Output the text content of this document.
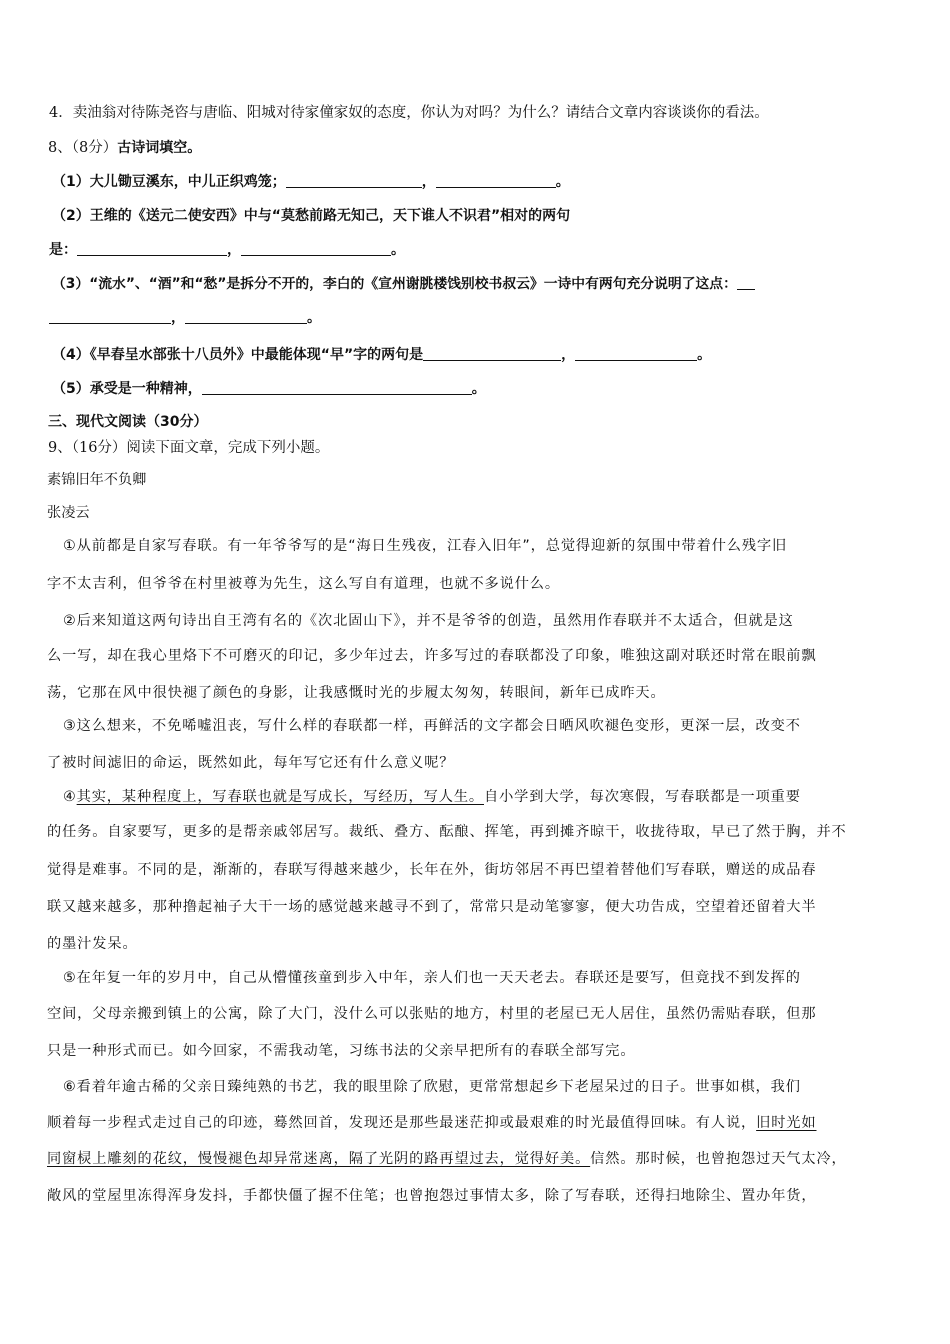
4．卖油翁对待陈尧咨与唐临、阳城对待家僮家奴的态度，你认为对吗？为什么？请结合文章内容谈谈你的看法。
8、（8分）古诗词填空。
（1）大儿锄豆溪东，中儿正织鸡笼；	，	。
（2）王维的《送元二使安西》中与“莫愁前路无知己，天下谁人不识君”相对的两句
是：	，	。
（3）“流水”、“酒”和“愁”是拆分不开的，李白的《宣州谢朓楼饯别校书叔云》一诗中有两句充分说明了这点：
，	。
（4）《早春呈水部张十八员外》中最能体现“早”字的两句是	，	。
（5）承受是一种精神，	。
三、现代文阅读（30分）
9、（16分）阅读下面文章，完成下列小题。
素锦旧年不负卿
张凌云
①从前都是自家写春联。有一年爷爷写的是“海日生残夜，江春入旧年”，总觉得迎新的氛围中带着什么残字旧
字不太吉利，但爷爷在村里被尊为先生，这么写自有道理，也就不多说什么。
②后来知道这两句诗出自王湾有名的《次北固山下》，并不是爷爷的创造，虽然用作春联并不太适合，但就是这
么一写，却在我心里烙下不可磨灭的印记，多少年过去，许多写过的春联都没了印象，唯独这副对联还时常在眼前飘
荡，它那在风中很快褪了颜色的身影，让我感慨时光的步履太匆匆，转眼间，新年已成昨天。
③这么想来，不免唏嘘沮丧，写什么样的春联都一样，再鲜活的文字都会日晒风吹褪色变形，更深一层，改变不
了被时间滤旧的命运，既然如此，每年写它还有什么意义呢？
④其实，某种程度上，写春联也就是写成长，写经历，写人生。自小学到大学，每次寒假，写春联都是一项重要
的任务。自家要写，更多的是帮亲戚邻居写。裁纸、叠方、酝酿、挥笔，再到摊齐晾干，收拢待取，早已了然于胸，并不
觉得是难事。不同的是，渐渐的，春联写得越来越少，长年在外，街坊邻居不再巴望着替他们写春联，赠送的成品春
联又越来越多，那种撸起袖子大干一场的感觉越来越寻不到了，常常只是动笔寥寥，便大功告成，空望着还留着大半
的墨汁发呆。
⑤在年复一年的岁月中，自己从懵懂孩童到步入中年，亲人们也一天天老去。春联还是要写，但竟找不到发挥的
空间，父母亲搬到镇上的公寓，除了大门，没什么可以张贴的地方，村里的老屋已无人居住，虽然仍需贴春联，但那
只是一种形式而已。如今回家，不需我动笔，习练书法的父亲早把所有的春联全部写完。
⑥看着年逾古稀的父亲日臻纯熟的书艺，我的眼里除了欣慰，更常常想起乡下老屋呆过的日子。世事如棋，我们
顺着每一步程式走过自己的印迹，蓦然回首，发现还是那些最迷茫抑或最艰难的时光最值得回味。有人说，旧时光如
同窗棂上雕刻的花纹，慢慢褪色却异常迷离，隔了光阴的路再望过去，觉得好美。信然。那时候，也曾抱怨过天气太冷，
敞风的堂屋里冻得浑身发抖，手都快僵了握不住笔；也曾抱怨过事情太多，除了写春联，还得扫地除尘、置办年货，
